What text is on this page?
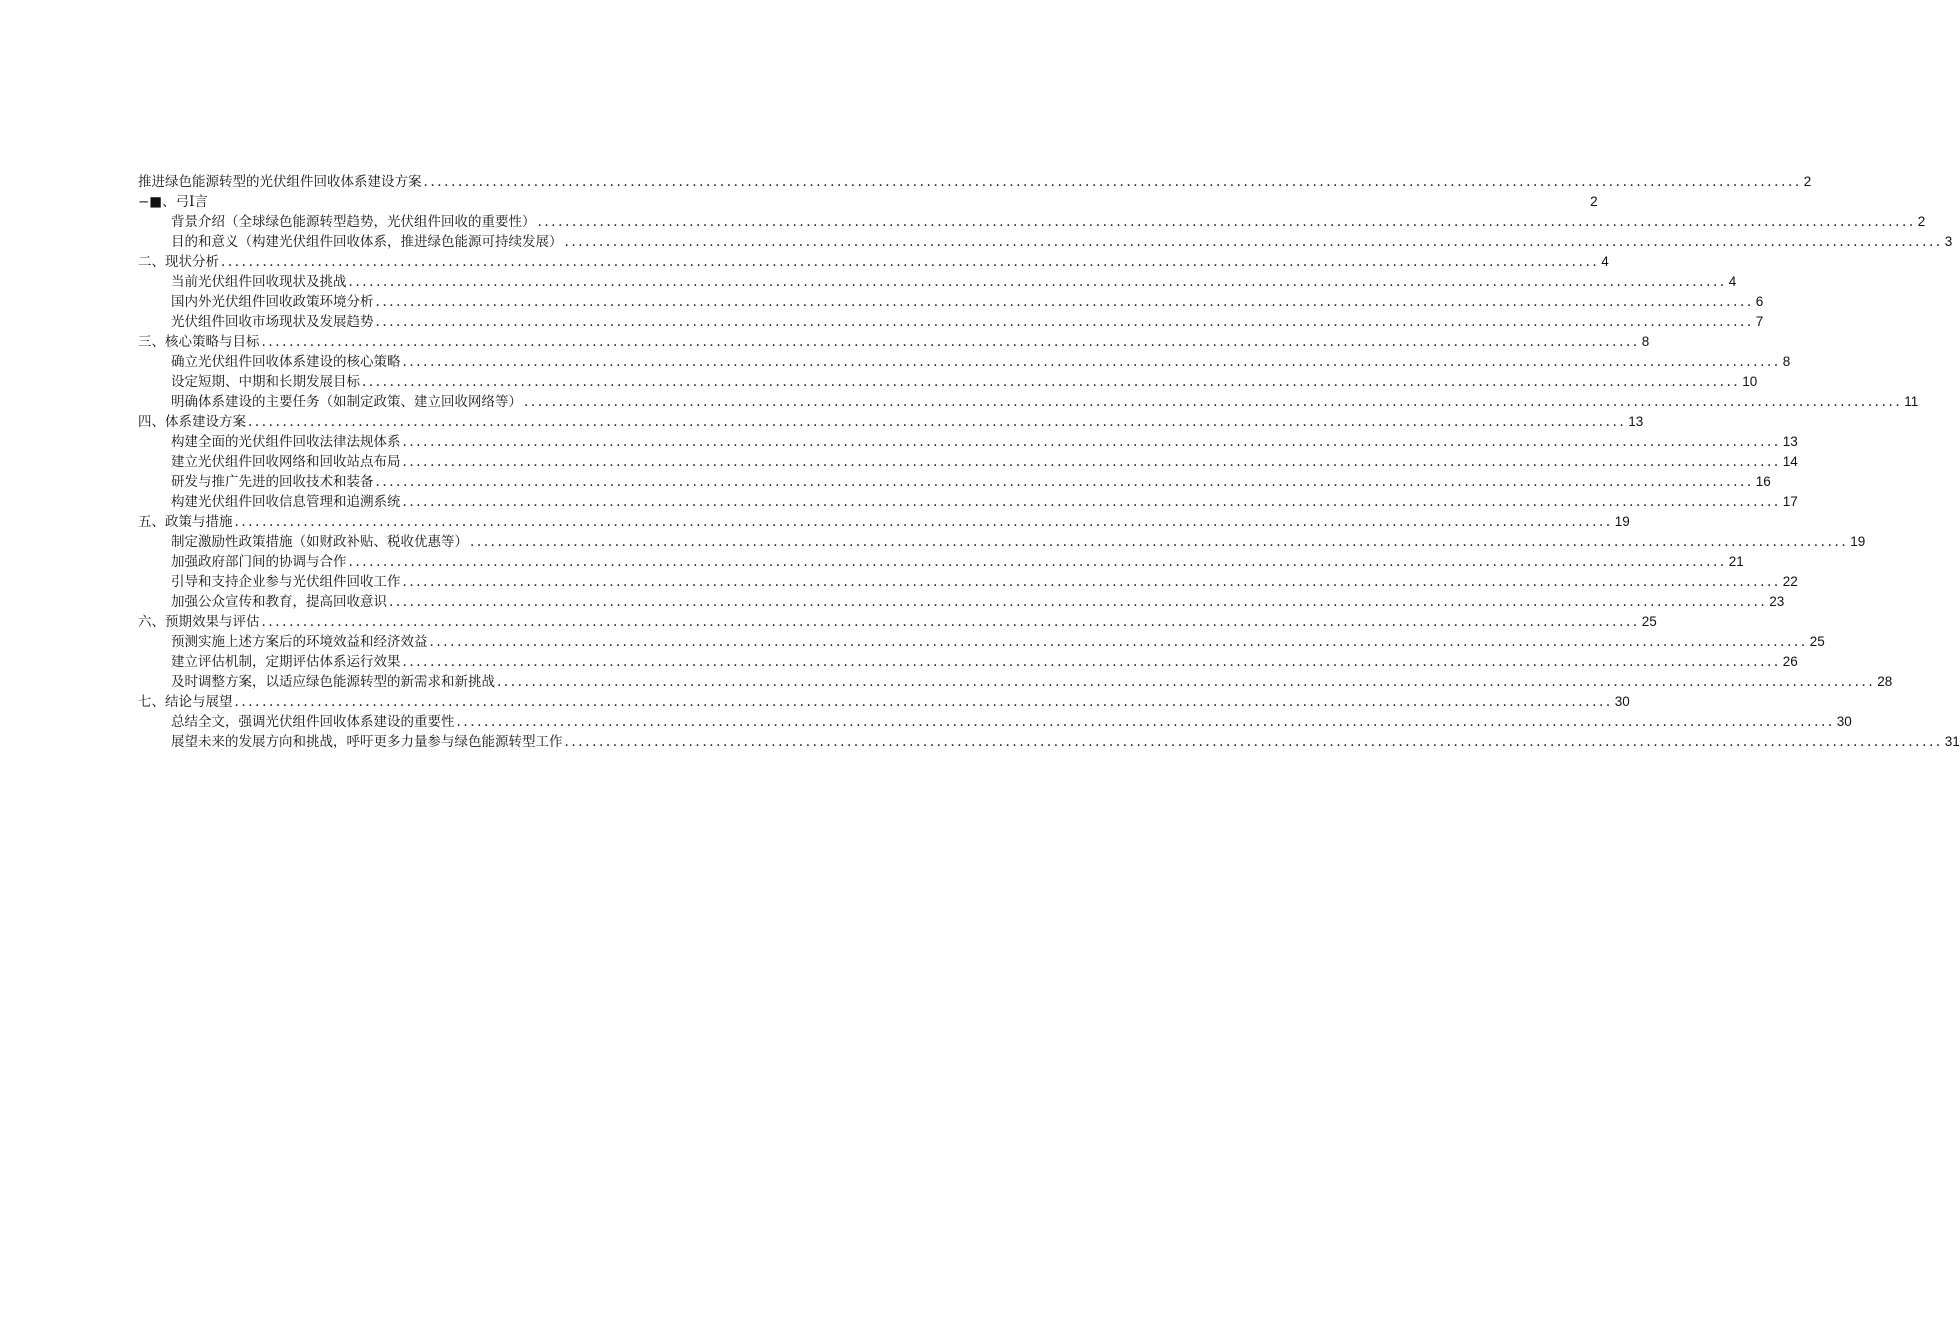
推进绿色能源转型的光伏组件回收体系建设方案 ........................................................................................................................................................................................................ 2
−■、弓I言	2
背景介绍（全球绿色能源转型趋势，光伏组件回收的重要性） ........................................................................................................................................................................................................ 2
目的和意义（构建光伏组件回收体系，推进绿色能源可持续发展） ........................................................................................................................................................................................................ 3
二、现状分析 ........................................................................................................................................................................................................ 4
当前光伏组件回收现状及挑战 ........................................................................................................................................................................................................ 4
国内外光伏组件回收政策环境分析 ........................................................................................................................................................................................................ 6
光伏组件回收市场现状及发展趋势 ........................................................................................................................................................................................................ 7
三、核心策略与目标 ........................................................................................................................................................................................................ 8
确立光伏组件回收体系建设的核心策略 ........................................................................................................................................................................................................ 8
设定短期、中期和长期发展目标 ........................................................................................................................................................................................................ 10
明确体系建设的主要任务（如制定政策、建立回收网络等） ........................................................................................................................................................................................................ 11
四、体系建设方案 ........................................................................................................................................................................................................ 13
构建全面的光伏组件回收法律法规体系 ........................................................................................................................................................................................................ 13
建立光伏组件回收网络和回收站点布局 ........................................................................................................................................................................................................ 14
研发与推广先进的回收技术和装备 ........................................................................................................................................................................................................ 16
构建光伏组件回收信息管理和追溯系统 ........................................................................................................................................................................................................ 17
五、政策与措施 ........................................................................................................................................................................................................ 19
制定激励性政策措施（如财政补贴、税收优惠等） ........................................................................................................................................................................................................ 19
加强政府部门间的协调与合作 ........................................................................................................................................................................................................ 21
引导和支持企业参与光伏组件回收工作 ........................................................................................................................................................................................................ 22
加强公众宣传和教育，提高回收意识 ........................................................................................................................................................................................................ 23
六、预期效果与评估 ........................................................................................................................................................................................................ 25
预测实施上述方案后的环境效益和经济效益 ........................................................................................................................................................................................................ 25
建立评估机制，定期评估体系运行效果 ........................................................................................................................................................................................................ 26
及时调整方案，以适应绿色能源转型的新需求和新挑战 ........................................................................................................................................................................................................ 28
七、结论与展望 ........................................................................................................................................................................................................ 30
总结全文，强调光伏组件回收体系建设的重要性 ........................................................................................................................................................................................................ 30
展望未来的发展方向和挑战，呼吁更多力量参与绿色能源转型工作 ........................................................................................................................................................................................................ 31
